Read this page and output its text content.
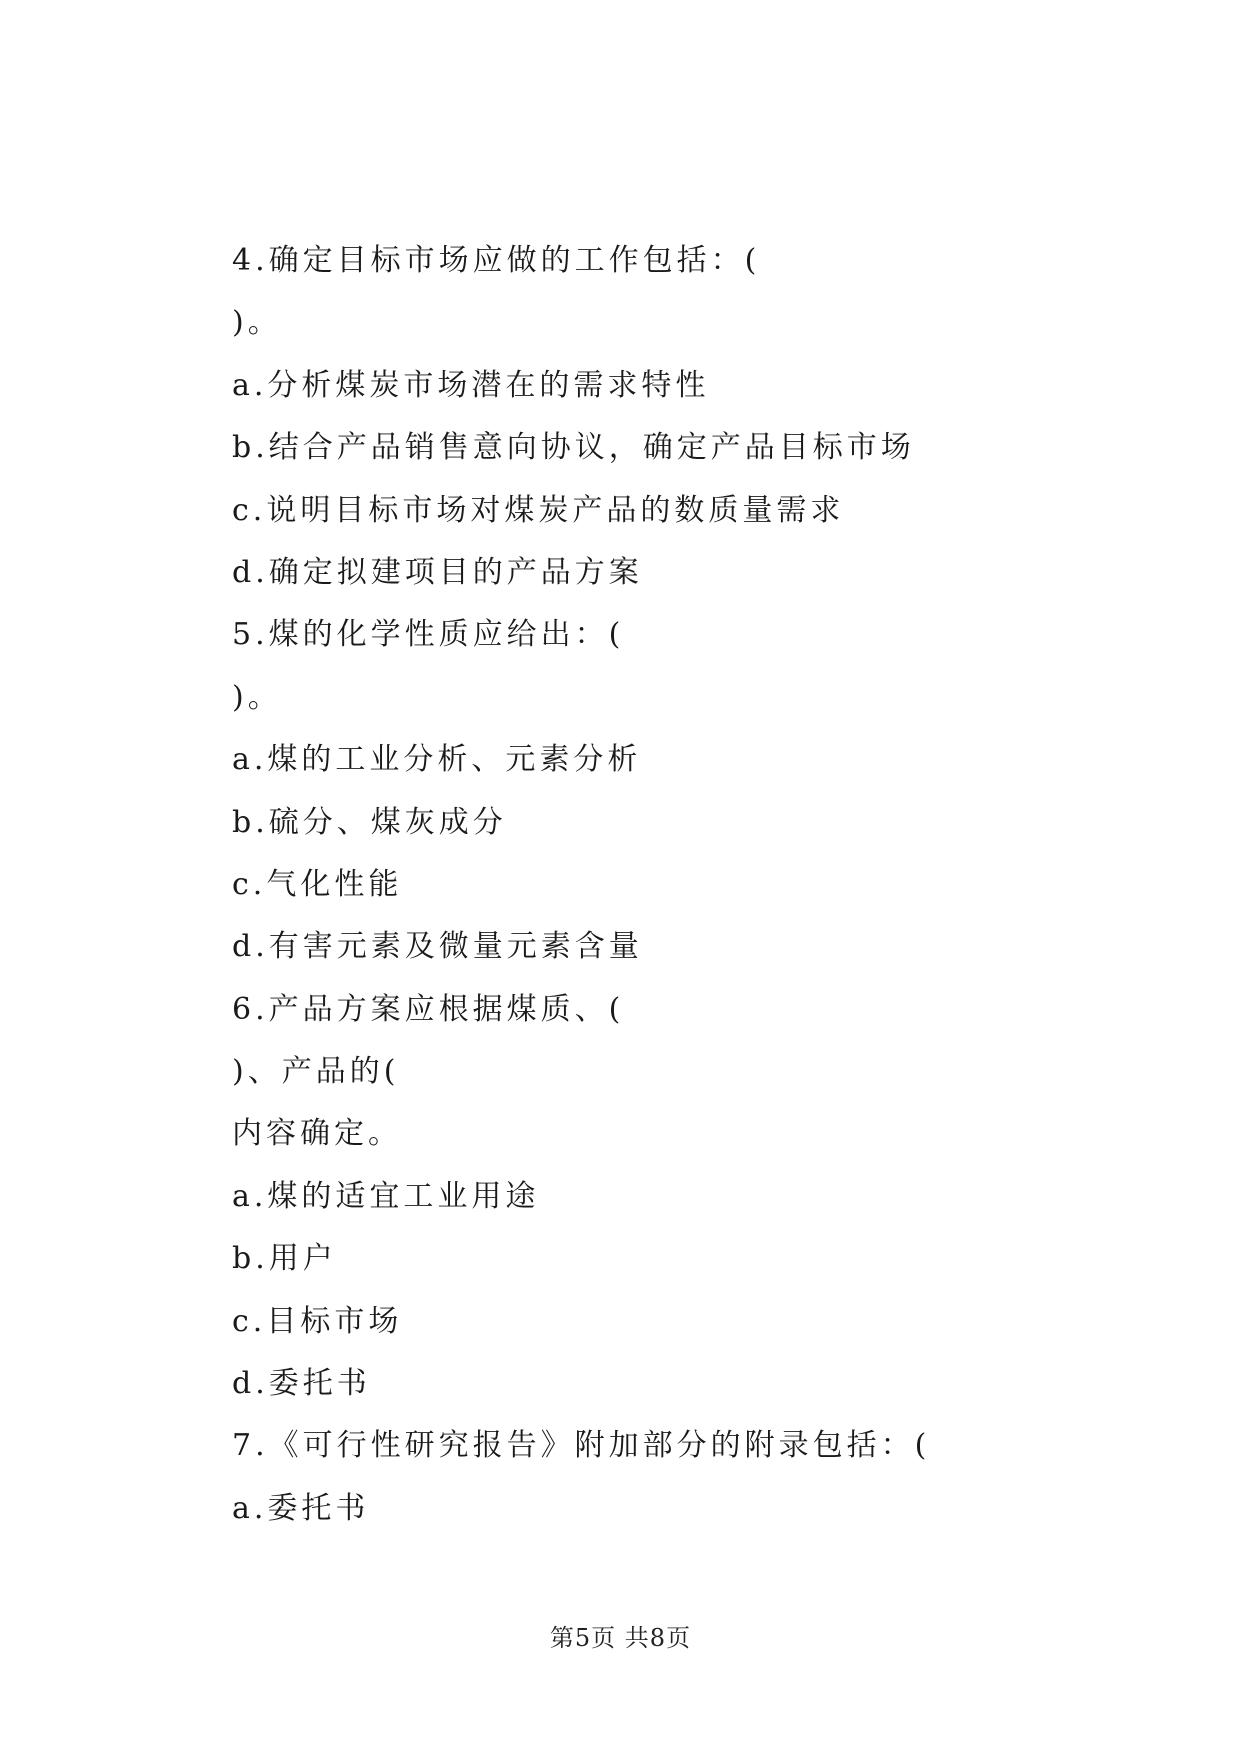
4.确定目标市场应做的工作包括：(
)。
a.分析煤炭市场潜在的需求特性
b.结合产品销售意向协议，确定产品目标市场
c.说明目标市场对煤炭产品的数质量需求
d.确定拟建项目的产品方案
5.煤的化学性质应给出：(
)。
a.煤的工业分析、元素分析
b.硫分、煤灰成分
c.气化性能
d.有害元素及微量元素含量
6.产品方案应根据煤质、(
)、产品的(
内容确定。
a.煤的适宜工业用途
b.用户
c.目标市场
d.委托书
7.《可行性研究报告》附加部分的附录包括：(
a.委托书
第5页 共8页
